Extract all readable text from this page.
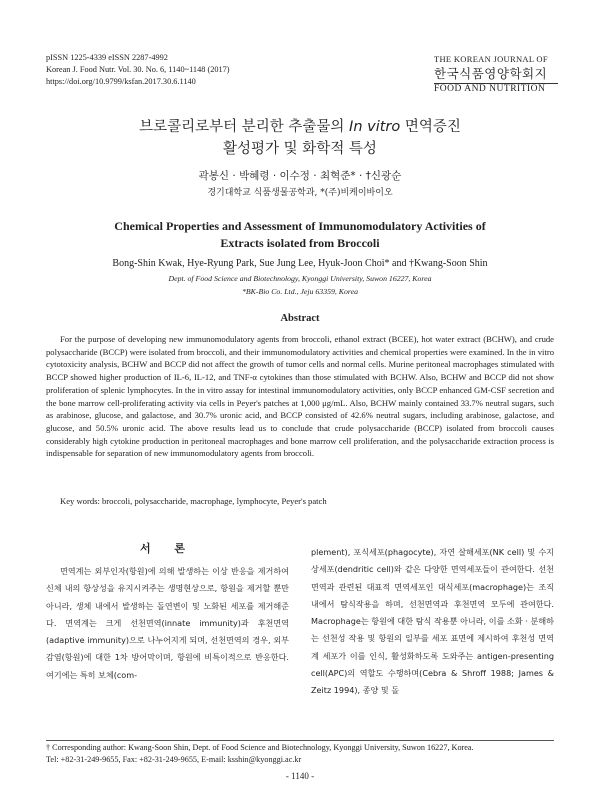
pISSN 1225-4339 eISSN 2287-4992
Korean J. Food Nutr. Vol. 30. No. 6, 1140~1148 (2017)
https://doi.org/10.9799/ksfan.2017.30.6.1140
THE KOREAN JOURNAL OF
한국식품영양학회지
FOOD AND NUTRITION
브로콜리로부터 분리한 추출물의 In vitro 면역증진
활성평가 및 화학적 특성
곽봉신 · 박혜령 · 이수정 · 최혁준* · †신광순
경기대학교 식품생물공학과, *(주)비케이바이오
Chemical Properties and Assessment of Immunomodulatory Activities of
Extracts isolated from Broccoli
Bong-Shin Kwak, Hye-Ryung Park, Sue Jung Lee, Hyuk-Joon Choi* and †Kwang-Soon Shin
Dept. of Food Science and Biotechnology, Kyonggi University, Suwon 16227, Korea
*BK-Bio Co. Ltd., Jeju 63359, Korea
Abstract

For the purpose of developing new immunomodulatory agents from broccoli, ethanol extract (BCEE), hot water extract (BCHW), and crude polysaccharide (BCCP) were isolated from broccoli, and their immunomodulatory activities and chemical properties were examined. In the in vitro cytotoxicity analysis, BCHW and BCCP did not affect the growth of tumor cells and normal cells. Murine peritoneal macrophages stimulated with BCCP showed higher production of IL-6, IL-12, and TNF-α cytokines than those stimulated with BCHW. Also, BCHW and BCCP did not show proliferation of splenic lymphocytes. In the in vitro assay for intestinal immunomodulatory activities, only BCCP enhanced GM-CSF secretion and the bone marrow cell-proliferating activity via cells in Peyer's patches at 1,000 μg/mL. Also, BCHW mainly contained 33.7% neutral sugars, such as arabinose, glucose, and galactose, and 30.7% uronic acid, and BCCP consisted of 42.6% neutral sugars, including arabinose, galactose, and glucose, and 50.5% uronic acid. The above results lead us to conclude that crude polysaccharide (BCCP) isolated from broccoli causes considerably high cytokine production in peritoneal macrophages and bone marrow cell proliferation, and the polysaccharide extraction process is indispensable for separation of new immunomodulatory agents from broccoli.

Key words: broccoli, polysaccharide, macrophage, lymphocyte, Peyer's patch
서 론
면역계는 외부인자(항원)에 의해 발생하는 이상 반응을 제거하여 신체 내의 항상성을 유지시켜주는 생명현상으로, 항원을 제거할 뿐만 아니라, 생체 내에서 발생하는 돌연변이 및 노화된 세포를 제거해준다. 면역계는 크게 선천면역(innate immunity)과 후천면역(adaptive immunity)으로 나누어지게 되며, 선천면역의 경우, 외부 감염(항원)에 대한 1차 방어막이며, 항원에 비특이적으로 반응한다. 여기에는 특히 보체(com-
plement), 포식세포(phagocyte), 자연 살해세포(NK cell) 및 수지상세포(dendritic cell)와 같은 다양한 면역세포들이 관여한다. 선천 면역과 관련된 대표적 면역세포인 대식세포(macrophage)는 조직 내에서 탐식작용을 하며, 선천면역과 후천면역 모두에 관여한다. Macrophage는 항원에 대한 탐식 작용뿐 아니라, 이를 소화 · 분해하는 선천성 작용 및 항원의 일부를 세포 표면에 제시하여 후천성 면역계 세포가 이를 인식, 활성화하도록 도와주는 antigen-presenting cell(APC)의 역할도 수행하며(Cebra & Shroff 1988; James & Zeitz 1994), 종양 및 돌
† Corresponding author: Kwang-Soon Shin, Dept. of Food Science and Biotechnology, Kyonggi University, Suwon 16227, Korea.
Tel: +82-31-249-9655, Fax: +82-31-249-9655, E-mail: ksshin@kyonggi.ac.kr
- 1140 -
